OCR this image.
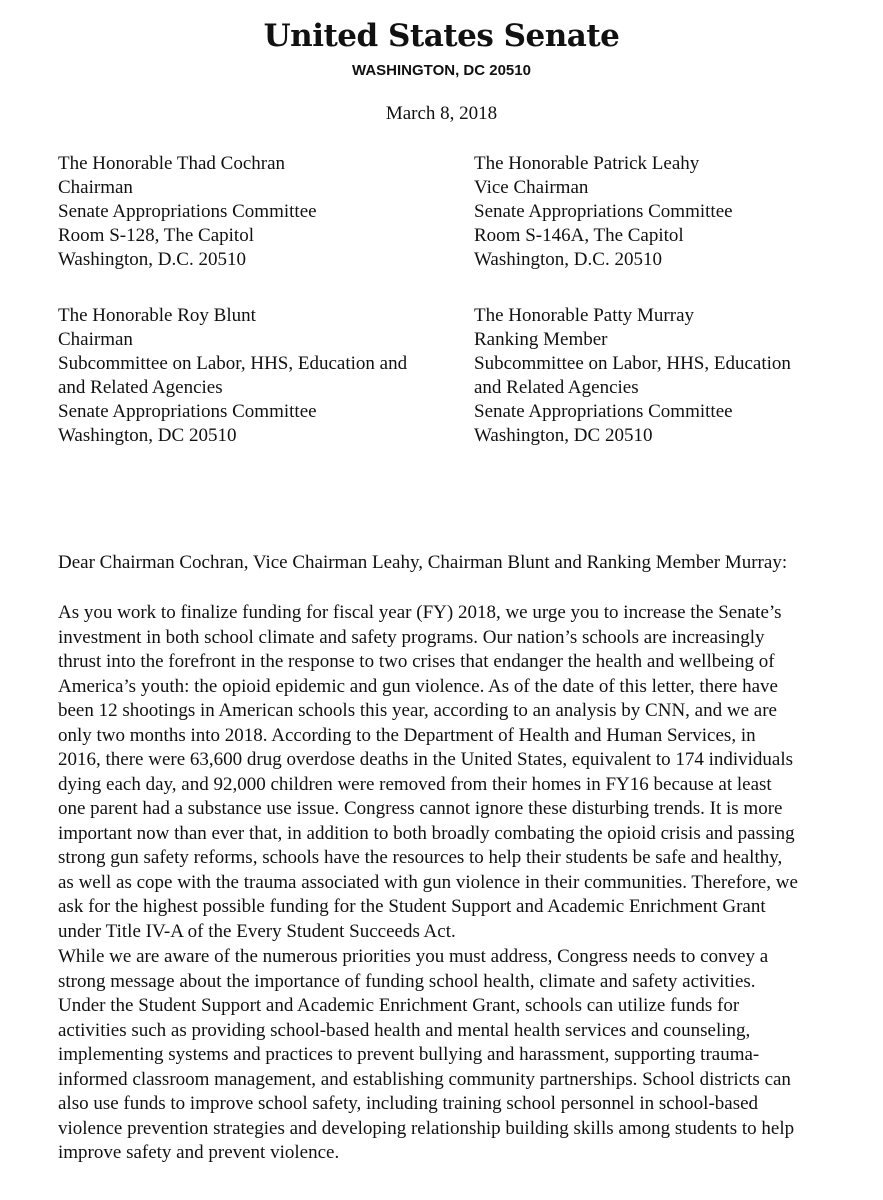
United States Senate
WASHINGTON, DC 20510
March 8, 2018
The Honorable Thad Cochran
Chairman
Senate Appropriations Committee
Room S-128, The Capitol
Washington, D.C. 20510
The Honorable Patrick Leahy
Vice Chairman
Senate Appropriations Committee
Room S-146A, The Capitol
Washington, D.C. 20510
The Honorable Roy Blunt
Chairman
Subcommittee on Labor, HHS, Education and
and Related Agencies
Senate Appropriations Committee
Washington, DC 20510
The Honorable Patty Murray
Ranking Member
Subcommittee on Labor, HHS, Education
and Related Agencies
Senate Appropriations Committee
Washington, DC 20510
Dear Chairman Cochran, Vice Chairman Leahy, Chairman Blunt and Ranking Member Murray:
As you work to finalize funding for fiscal year (FY) 2018, we urge you to increase the Senate’s
investment in both school climate and safety programs. Our nation’s schools are increasingly
thrust into the forefront in the response to two crises that endanger the health and wellbeing of
America’s youth: the opioid epidemic and gun violence. As of the date of this letter, there have
been 12 shootings in American schools this year, according to an analysis by CNN, and we are
only two months into 2018. According to the Department of Health and Human Services, in
2016, there were 63,600 drug overdose deaths in the United States, equivalent to 174 individuals
dying each day, and 92,000 children were removed from their homes in FY16 because at least
one parent had a substance use issue. Congress cannot ignore these disturbing trends. It is more
important now than ever that, in addition to both broadly combating the opioid crisis and passing
strong gun safety reforms, schools have the resources to help their students be safe and healthy,
as well as cope with the trauma associated with gun violence in their communities. Therefore, we
ask for the highest possible funding for the Student Support and Academic Enrichment Grant
under Title IV-A of the Every Student Succeeds Act.
While we are aware of the numerous priorities you must address, Congress needs to convey a
strong message about the importance of funding school health, climate and safety activities.
Under the Student Support and Academic Enrichment Grant, schools can utilize funds for
activities such as providing school-based health and mental health services and counseling,
implementing systems and practices to prevent bullying and harassment, supporting trauma-
informed classroom management, and establishing community partnerships. School districts can
also use funds to improve school safety, including training school personnel in school-based
violence prevention strategies and developing relationship building skills among students to help
improve safety and prevent violence.
